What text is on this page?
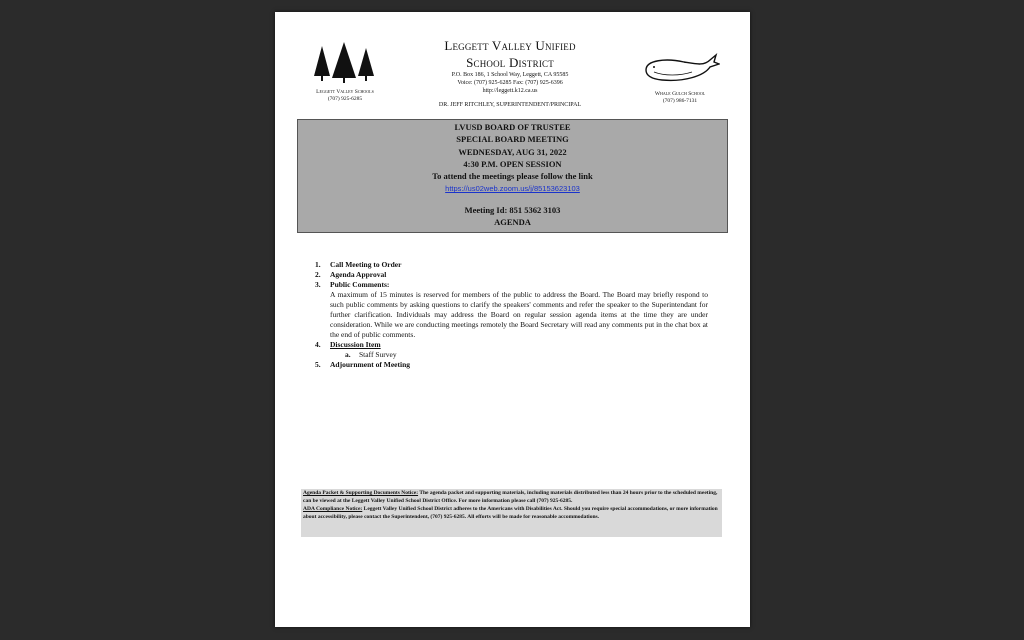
Leggett Valley Schools
(707) 925-6285
Leggett Valley Unified
School District
P.O. Box 186, 1 School Way, Leggett, CA 95585
Voice: (707) 925-6285 Fax: (707) 925-6396
http://leggett.k12.ca.us
DR. JEFF RITCHLEY, SUPERINTENDENT/PRINCIPAL
Whale Gulch School
(707) 986-7131
LVUSD BOARD OF TRUSTEE
SPECIAL BOARD MEETING
WEDNESDAY, AUG 31, 2022
4:30 P.M. OPEN SESSION
To attend the meetings please follow the link
https://us02web.zoom.us/j/85153623103
Meeting Id: 851 5362 3103
AGENDA
1.	Call Meeting to Order
2.	Agenda Approval
3.	Public Comments:
A maximum of 15 minutes is reserved for members of the public to address the Board. The Board may briefly respond to such public comments by asking questions to clarify the speakers' comments and refer the speaker to the Superintendant for further clarification. Individuals may address the Board on regular session agenda items at the time they are under consideration. While we are conducting meetings remotely the Board Secretary will read any comments put in the chat box at the end of public comments.
4.	Discussion Item
a.	Staff Survey
5.	Adjournment of Meeting
Agenda Packet & Supporting Documents Notice: The agenda packet and supporting materials, including materials distributed less than 24 hours prior to the scheduled meeting, can be viewed at the Leggett Valley Unified School District Office. For more information please call (707) 925-6285.
ADA Compliance Notice: Leggett Valley Unified School District adheres to the Americans with Disabilities Act. Should you require special accommodations, or more information about accessibility, please contact the Superintendent, (707) 925-6285. All efforts will be made for reasonable accommodations.
